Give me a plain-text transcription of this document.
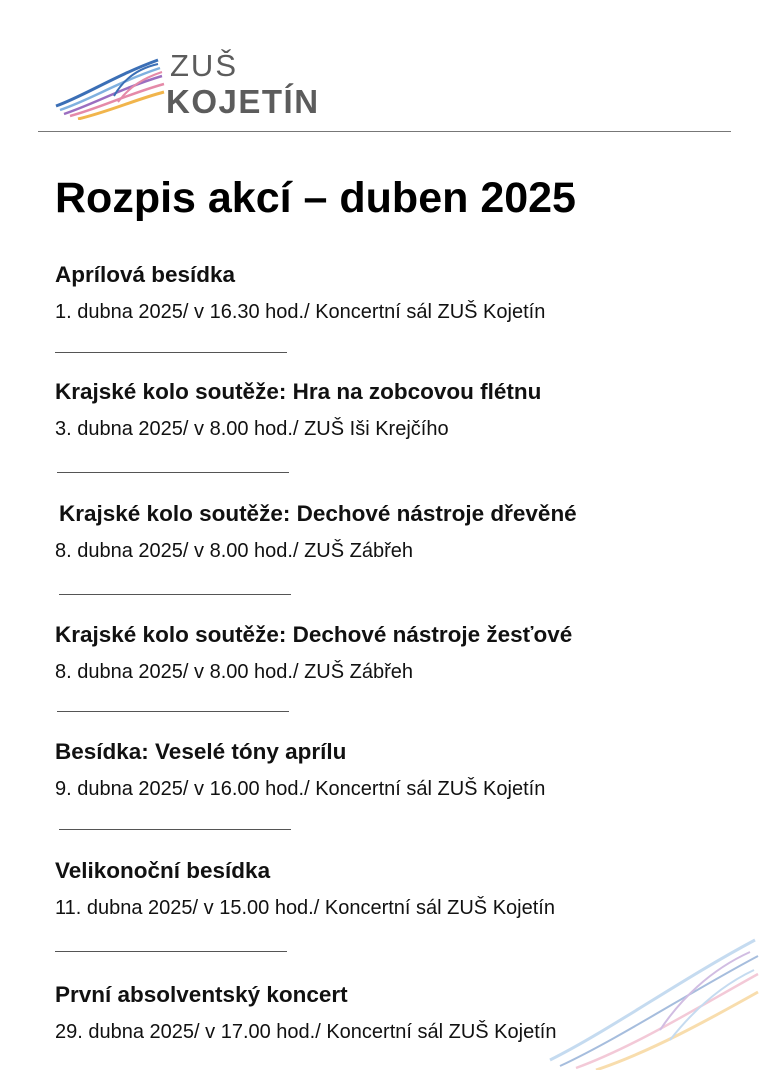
ZUŠ
KOJETÍN
Rozpis akcí – duben 2025
Aprílová besídka
1. dubna 2025/ v 16.30 hod./ Koncertní sál ZUŠ Kojetín
Krajské kolo soutěže: Hra na zobcovou flétnu
3. dubna 2025/ v 8.00 hod./ ZUŠ Iši Krejčího
Krajské kolo soutěže: Dechové nástroje dřevěné
8. dubna 2025/ v 8.00 hod./ ZUŠ Zábřeh
Krajské kolo soutěže: Dechové nástroje žesťové
8. dubna 2025/ v 8.00 hod./ ZUŠ Zábřeh
Besídka: Veselé tóny aprílu
9. dubna 2025/ v 16.00 hod./ Koncertní sál ZUŠ Kojetín
Velikonoční besídka
11. dubna 2025/ v 15.00 hod./ Koncertní sál ZUŠ Kojetín
První absolventský koncert
29. dubna 2025/ v 17.00 hod./ Koncertní sál ZUŠ Kojetín
